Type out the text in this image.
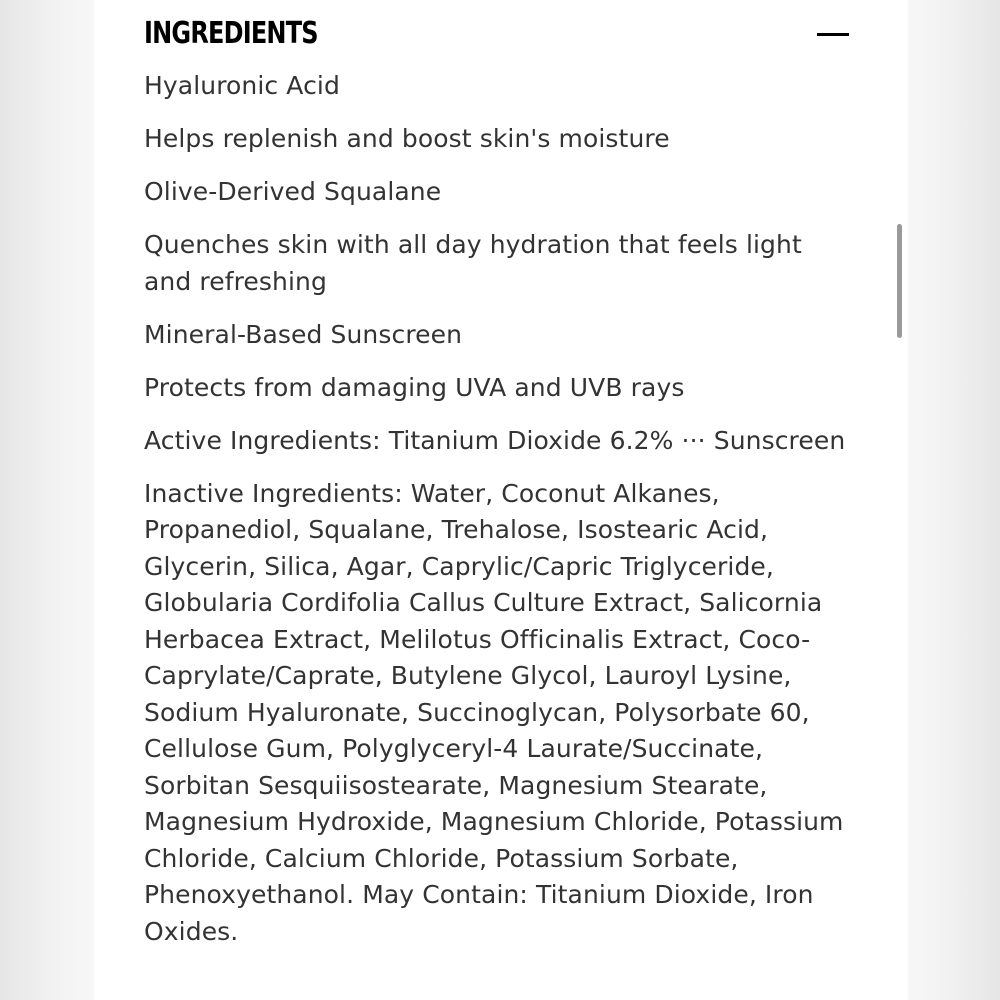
INGREDIENTS

Hyaluronic Acid

Helps replenish and boost skin's moisture

Olive-Derived Squalane

Quenches skin with all day hydration that feels light and refreshing

Mineral-Based Sunscreen

Protects from damaging UVA and UVB rays

Active Ingredients: Titanium Dioxide 6.2% ··· Sunscreen

Inactive Ingredients: Water, Coconut Alkanes, Propanediol, Squalane, Trehalose, Isostearic Acid, Glycerin, Silica, Agar, Caprylic/Capric Triglyceride, Globularia Cordifolia Callus Culture Extract, Salicornia Herbacea Extract, Melilotus Officinalis Extract, Coco-Caprylate/Caprate, Butylene Glycol, Lauroyl Lysine, Sodium Hyaluronate, Succinoglycan, Polysorbate 60, Cellulose Gum, Polyglyceryl-4 Laurate/Succinate, Sorbitan Sesquiisostearate, Magnesium Stearate, Magnesium Hydroxide, Magnesium Chloride, Potassium Chloride, Calcium Chloride, Potassium Sorbate, Phenoxyethanol. May Contain: Titanium Dioxide, Iron Oxides.
